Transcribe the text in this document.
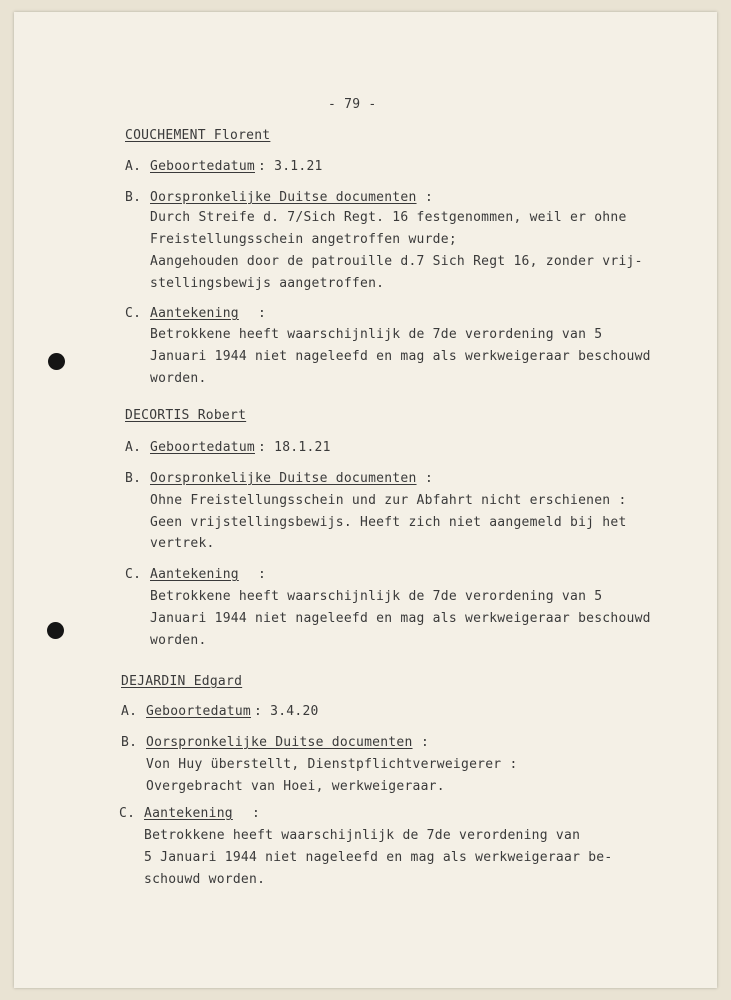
- 79 -
COUCHEMENT Florent
A. Geboortedatum : 3.1.21
B. Oorspronkelijke Duitse documenten :
Durch Streife d. 7/Sich Regt. 16 festgenommen, weil er ohne
Freistellungsschein angetroffen wurde;
Aangehouden door de patrouille d.7 Sich Regt 16, zonder vrij-
stellingsbewijs aangetroffen.
C. Aantekening :
Betrokkene heeft waarschijnlijk de 7de verordening van 5
Januari 1944 niet nageleefd en mag als werkweigeraar beschouwd
worden.
DECORTIS Robert
A. Geboortedatum : 18.1.21
B. Oorspronkelijke Duitse documenten :
Ohne Freistellungsschein und zur Abfahrt nicht erschienen :
Geen vrijstellingsbewijs. Heeft zich niet aangemeld bij het
vertrek.
C. Aantekening :
Betrokkene heeft waarschijnlijk de 7de verordening van 5
Januari 1944 niet nageleefd en mag als werkweigeraar beschouwd
worden.
DEJARDIN Edgard
A. Geboortedatum : 3.4.20
B. Oorspronkelijke Duitse documenten :
Von Huy überstellt, Dienstpflichtverweigerer :
Overgebracht van Hoei, werkweigeraar.
C. Aantekening :
Betrokkene heeft waarschijnlijk de 7de verordening van
5 Januari 1944 niet nageleefd en mag als werkweigeraar be-
schouwd worden.
